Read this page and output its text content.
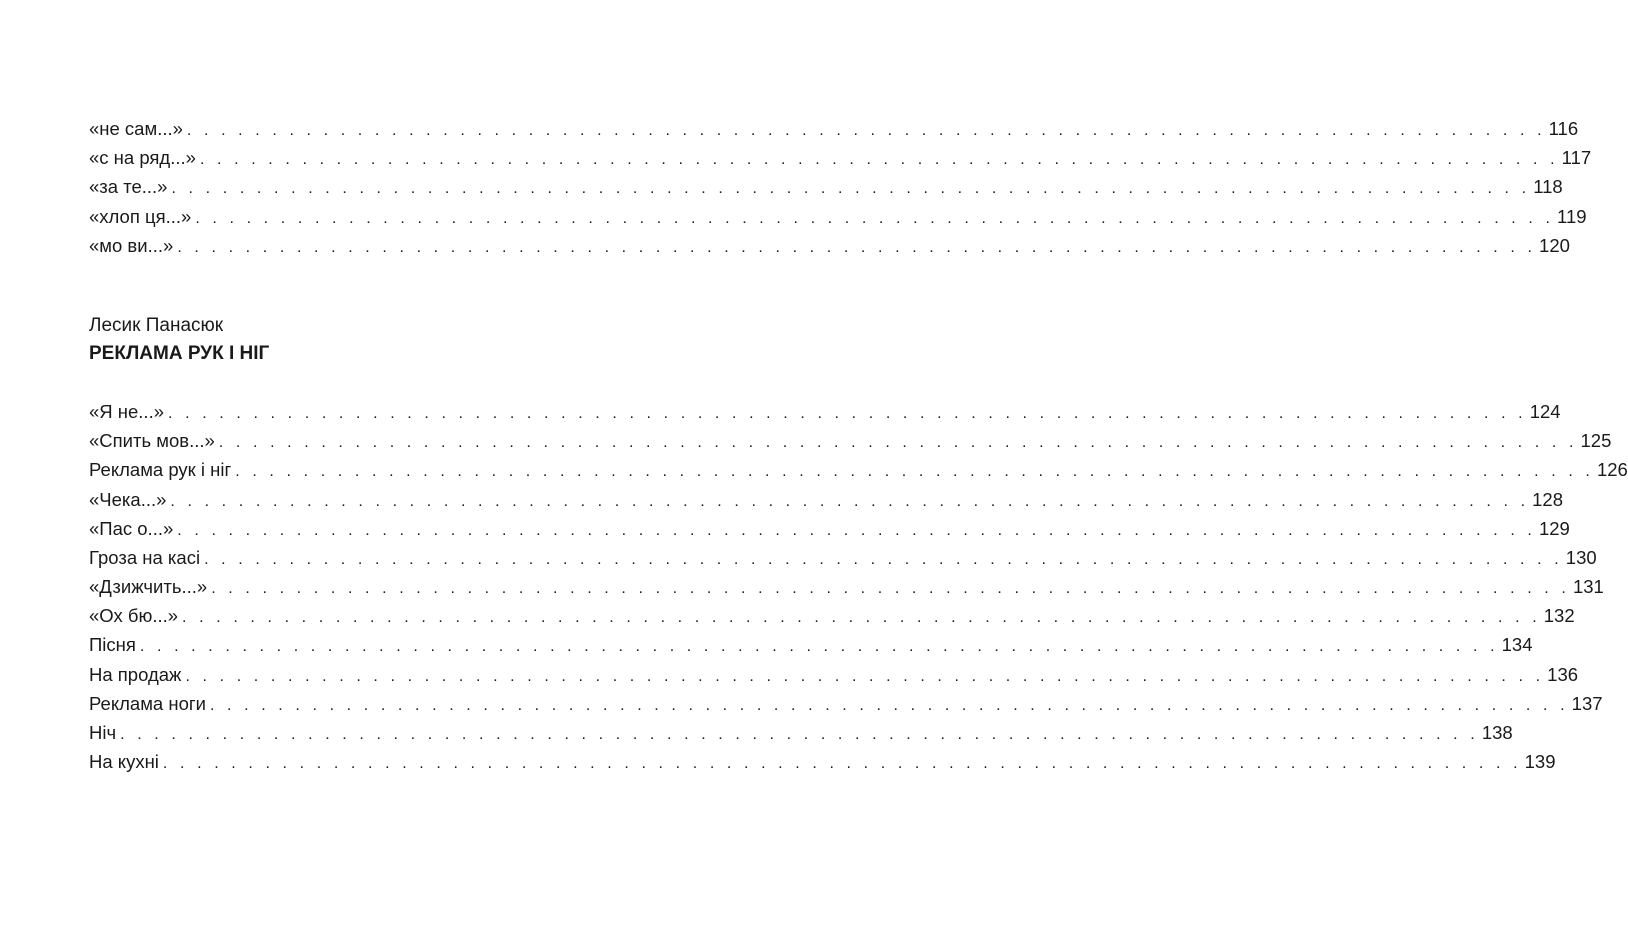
«не сам...» . . . . . . . . . . . . . . . . . . . . . . . . . . . . . . . . . . . . . . . . . . . . . . . . . . . . . . . . . . . . . . . . . . . . . . . . . . . . . . . . 116
«с на ряд...» . . . . . . . . . . . . . . . . . . . . . . . . . . . . . . . . . . . . . . . . . . . . . . . . . . . . . . . . . . . . . . . . . . . . . . . . . . . . . . . . 117
«за те...» . . . . . . . . . . . . . . . . . . . . . . . . . . . . . . . . . . . . . . . . . . . . . . . . . . . . . . . . . . . . . . . . . . . . . . . . . . . . . . . . 118
«хлоп ця...» . . . . . . . . . . . . . . . . . . . . . . . . . . . . . . . . . . . . . . . . . . . . . . . . . . . . . . . . . . . . . . . . . . . . . . . . . . . . . . . . 119
«мо ви...» . . . . . . . . . . . . . . . . . . . . . . . . . . . . . . . . . . . . . . . . . . . . . . . . . . . . . . . . . . . . . . . . . . . . . . . . . . . . . . . . 120
Лесик Панасюк
РЕКЛАМА РУК І НІГ
«Я не...» . . . . . . . . . . . . . . . . . . . . . . . . . . . . . . . . . . . . . . . . . . . . . . . . . . . . . . . . . . . . . . . . . . . . . . . . . . . . . . . . 124
«Спить мов...» . . . . . . . . . . . . . . . . . . . . . . . . . . . . . . . . . . . . . . . . . . . . . . . . . . . . . . . . . . . . . . . . . . . . . . . . . . . . . . . . 125
Реклама рук і ніг . . . . . . . . . . . . . . . . . . . . . . . . . . . . . . . . . . . . . . . . . . . . . . . . . . . . . . . . . . . . . . . . . . . . . . . . . . . . . . . . 126
«Чека...» . . . . . . . . . . . . . . . . . . . . . . . . . . . . . . . . . . . . . . . . . . . . . . . . . . . . . . . . . . . . . . . . . . . . . . . . . . . . . . . . 128
«Пас о...» . . . . . . . . . . . . . . . . . . . . . . . . . . . . . . . . . . . . . . . . . . . . . . . . . . . . . . . . . . . . . . . . . . . . . . . . . . . . . . . . 129
Гроза на касі . . . . . . . . . . . . . . . . . . . . . . . . . . . . . . . . . . . . . . . . . . . . . . . . . . . . . . . . . . . . . . . . . . . . . . . . . . . . . . . . 130
«Дзижчить...» . . . . . . . . . . . . . . . . . . . . . . . . . . . . . . . . . . . . . . . . . . . . . . . . . . . . . . . . . . . . . . . . . . . . . . . . . . . . . . . . 131
«Ох бю...» . . . . . . . . . . . . . . . . . . . . . . . . . . . . . . . . . . . . . . . . . . . . . . . . . . . . . . . . . . . . . . . . . . . . . . . . . . . . . . . . 132
Пісня . . . . . . . . . . . . . . . . . . . . . . . . . . . . . . . . . . . . . . . . . . . . . . . . . . . . . . . . . . . . . . . . . . . . . . . . . . . . . . . . 134
На продаж . . . . . . . . . . . . . . . . . . . . . . . . . . . . . . . . . . . . . . . . . . . . . . . . . . . . . . . . . . . . . . . . . . . . . . . . . . . . . . . . 136
Реклама ноги . . . . . . . . . . . . . . . . . . . . . . . . . . . . . . . . . . . . . . . . . . . . . . . . . . . . . . . . . . . . . . . . . . . . . . . . . . . . . . . . 137
Ніч . . . . . . . . . . . . . . . . . . . . . . . . . . . . . . . . . . . . . . . . . . . . . . . . . . . . . . . . . . . . . . . . . . . . . . . . . . . . . . . . 138
На кухні . . . . . . . . . . . . . . . . . . . . . . . . . . . . . . . . . . . . . . . . . . . . . . . . . . . . . . . . . . . . . . . . . . . . . . . . . . . . . . . . 139
